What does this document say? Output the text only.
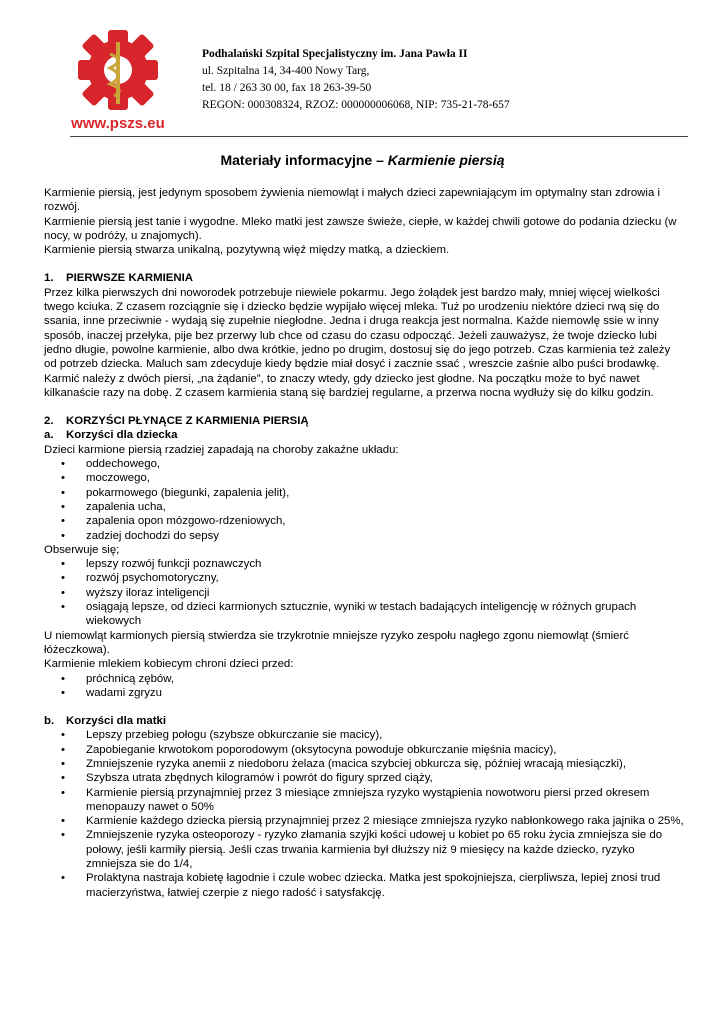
www.pszs.eu
Podhalański Szpital Specjalistyczny im. Jana Pawła II
ul. Szpitalna 14, 34-400 Nowy Targ,
tel. 18 / 263 30 00, fax 18 263-39-50
REGON: 000308324, RZOZ: 000000006068, NIP: 735-21-78-657
Materiały informacyjne – Karmienie piersią

Karmienie piersią, jest jedynym sposobem żywienia niemowląt i małych dzieci zapewniającym im optymalny stan zdrowia i rozwój.

Karmienie piersią jest tanie i wygodne. Mleko matki jest zawsze świeże, ciepłe, w każdej chwili gotowe do podania dziecku (w nocy, w podróży, u znajomych).

Karmienie piersią stwarza unikalną, pozytywną więź między matką, a dzieckiem.

1. PIERWSZE KARMIENIA

Przez kilka pierwszych dni noworodek potrzebuje niewiele pokarmu. Jego żołądek jest bardzo mały, mniej więcej wielkości twego kciuka. Z czasem rozciągnie się i dziecko będzie wypijało więcej mleka. Tuż po urodzeniu niektóre dzieci rwą się do ssania, inne przeciwnie - wydają się zupełnie niegłodne. Jedna i druga reakcja jest normalna. Każde niemowlę ssie w inny sposób, inaczej przełyka, pije bez przerwy lub chce od czasu do czasu odpocząć. Jeżeli zauważysz, że twoje dziecko lubi jedno długie, powolne karmienie, albo dwa krótkie, jedno po drugim, dostosuj się do jego potrzeb. Czas karmienia też zależy od potrzeb dziecka. Maluch sam zdecyduje kiedy będzie miał dosyć i zacznie ssać , wreszcie zaśnie albo puści brodawkę. Karmić należy z dwóch piersi, „na żądanie”, to znaczy wtedy, gdy dziecko jest głodne. Na początku może to być nawet kilkanaście razy na dobę. Z czasem karmienia staną się bardziej regularne, a przerwa nocna wydłuży się do kilku godzin.

2. KORZYŚCI PŁYNĄCE Z KARMIENIA PIERSIĄ

a. Korzyści dla dziecka

Dzieci karmione piersią rzadziej zapadają na choroby zakaźne układu:

• oddechowego,
• moczowego,
• pokarmowego (biegunki, zapalenia jelit),
• zapalenia ucha,
• zapalenia opon mózgowo-rdzeniowych,
• zadziej dochodzi do sepsy

Obserwuje się;

• lepszy rozwój funkcji poznawczych
• rozwój psychomotoryczny,
• wyższy iloraz inteligencji
• osiągają lepsze, od dzieci karmionych sztucznie, wyniki w testach badających inteligencję w różnych grupach wiekowych

U niemowląt karmionych piersią stwierdza sie trzykrotnie mniejsze ryzyko zespołu nagłego zgonu niemowląt (śmierć łóżeczkowa).

Karmienie mlekiem kobiecym chroni dzieci przed:

• próchnicą zębów,
• wadami zgryzu

b. Korzyści dla matki

• Lepszy przebieg połogu (szybsze obkurczanie sie macicy),
• Zapobieganie krwotokom poporodowym (oksytocyna powoduje obkurczanie mięśnia macicy),
• Zmniejszenie ryzyka anemii z niedoboru żelaza (macica szybciej obkurcza się, później wracają miesiączki),
• Szybsza utrata zbędnych kilogramów i powrót do figury sprzed ciąży,
• Karmienie piersią przynajmniej przez 3 miesiące zmniejsza ryzyko wystąpienia nowotworu piersi przed okresem menopauzy nawet o 50%
• Karmienie każdego dziecka piersią przynajmniej przez 2 miesiące zmniejsza ryzyko nabłonkowego raka jajnika o 25%,
• Zmniejszenie ryzyka osteoporozy - ryzyko złamania szyjki kości udowej u kobiet po 65 roku życia zmniejsza sie do połowy, jeśli karmiły piersią. Jeśli czas trwania karmienia był dłuższy niż 9 miesięcy na każde dziecko, ryzyko zmniejsza sie do 1/4,
• Prolaktyna nastraja kobietę łagodnie i czule wobec dziecka. Matka jest spokojniejsza, cierpliwsza, lepiej znosi trud macierzyństwa, łatwiej czerpie z niego radość i satysfakcję.
